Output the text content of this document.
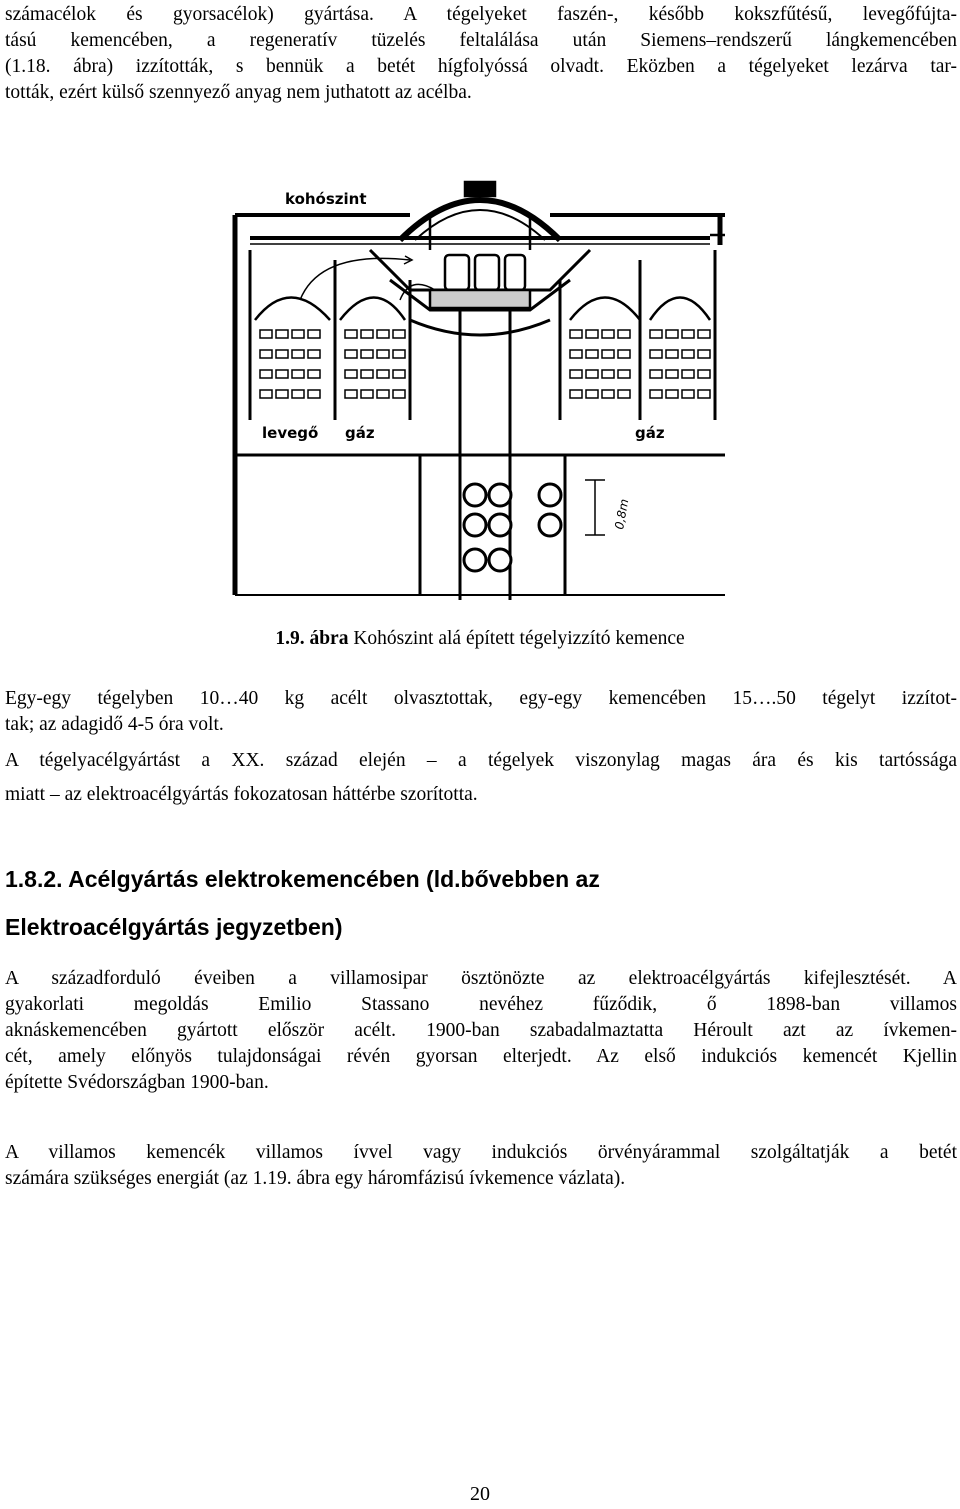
számacélok és gyorsacélok) gyártása. A tégelyeket faszén-, később kokszfűtésű, levegőfújta-
tású kemencében, a regeneratív tüzelés feltalálása után Siemens–rendszerű lángkemencében
(1.18. ábra) izzították, s bennük a betét hígfolyóssá olvadt. Eközben a tégelyeket lezárva tar-
tották, ezért külső szennyező anyag nem juthatott az acélba.
kohószint
levegő gáz	gáz
0,8m
1.9. ábra Kohószint alá épített tégelyizzító kemence
Egy-egy tégelyben 10…40 kg acélt olvasztottak, egy-egy kemencében 15….50 tégelyt izzítot-
tak; az adagidő 4-5 óra volt.
A tégelyacélgyártást a XX. század elején – a tégelyek viszonylag magas ára és kis tartóssága
miatt – az elektroacélgyártás fokozatosan háttérbe szorította.
1.8.2. Acélgyártás elektrokemencében (ld.bővebben az
Elektroacélgyártás jegyzetben)
A századforduló éveiben a villamosipar ösztönözte az elektroacélgyártás kifejlesztését. A
gyakorlati megoldás Emilio Stassano nevéhez fűződik, ő 1898-ban villamos
aknáskemencében gyártott először acélt. 1900-ban szabadalmaztatta Héroult azt az ívkemen-
cét, amely előnyös tulajdonságai révén gyorsan elterjedt. Az első indukciós kemencét Kjellin
építette Svédországban 1900-ban.
A villamos kemencék villamos ívvel vagy indukciós örvényárammal szolgáltatják a betét
számára szükséges energiát (az 1.19. ábra egy háromfázisú ívkemence vázlata).
20
